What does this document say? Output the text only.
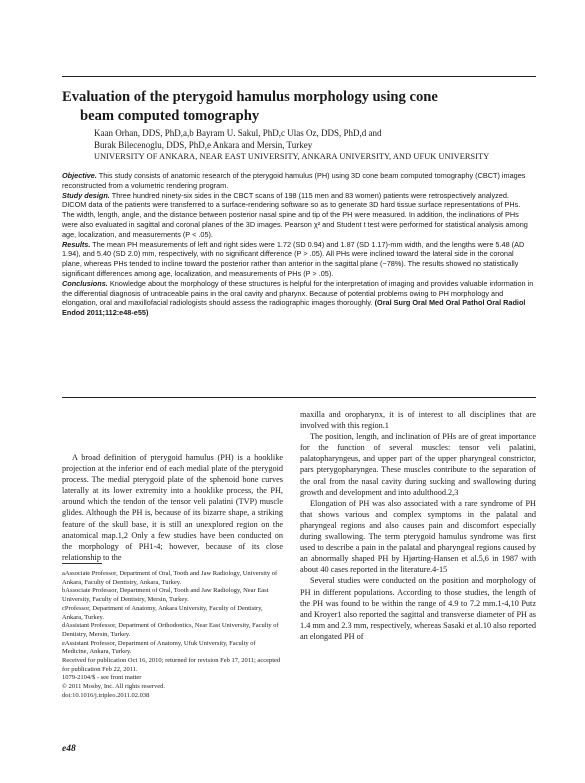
Evaluation of the pterygoid hamulus morphology using cone
beam computed tomography
Kaan Orhan, DDS, PhD,a,b Bayram U. Sakul, PhD,c Ulas Oz, DDS, PhD,d and
Burak Bilecenoglu, DDS, PhD,e Ankara and Mersin, Turkey
UNIVERSITY OF ANKARA, NEAR EAST UNIVERSITY, ANKARA UNIVERSITY, AND UFUK UNIVERSITY

Objective. This study consists of anatomic research of the pterygoid hamulus (PH) using 3D cone beam computed tomography (CBCT) images reconstructed from a volumetric rendering program.

Study design. Three hundred ninety-six sides in the CBCT scans of 198 (115 men and 83 women) patients were retrospectively analyzed. DICOM data of the patients were transferred to a surface-rendering software so as to generate 3D hard tissue surface representations of PHs. The width, length, angle, and the distance between posterior nasal spine and tip of the PH were measured. In addition, the inclinations of PHs were also evaluated in sagittal and coronal planes of the 3D images. Pearson χ² and Student t test were performed for statistical analysis among age, localization, and measurements (P < .05).

Results. The mean PH measurements of left and right sides were 1.72 (SD 0.94) and 1.87 (SD 1.17)-mm width, and the lengths were 5.48 (AD 1.94), and 5.40 (SD 2.0) mm, respectively, with no significant difference (P > .05). All PHs were inclined toward the lateral side in the coronal plane, whereas PHs tended to incline toward the posterior rather than anterior in the sagittal plane (~78%). The results showed no statistically significant differences among age, localization, and measurements of PHs (P > .05).

Conclusions. Knowledge about the morphology of these structures is helpful for the interpretation of imaging and provides valuable information in the differential diagnosis of untraceable pains in the oral cavity and pharynx. Because of potential problems owing to PH morphology and elongation, oral and maxillofacial radiologists should assess the radiographic images thoroughly. (Oral Surg Oral Med Oral Pathol Oral Radiol Endod 2011;112:e48-e55)

A broad definition of pterygoid hamulus (PH) is a hooklike projection at the inferior end of each medial plate of the pterygoid process. The medial pterygoid plate of the sphenoid bone curves laterally at its lower extremity into a hooklike process, the PH, around which the tendon of the tensor veli palatini (TVP) muscle glides. Although the PH is, because of its bizarre shape, a striking feature of the skull base, it is still an unexplored region on the anatomical map.1,2 Only a few studies have been conducted on the morphology of PH1-4; however, because of its close relationship to the

maxilla and oropharynx, it is of interest to all disciplines that are involved with this region.1

The position, length, and inclination of PHs are of great importance for the function of several muscles: tensor veli palatini, palatopharyngeus, and upper part of the upper pharyngeal constrictor, pars pterygopharyngea. These muscles contribute to the separation of the oral from the nasal cavity during sucking and swallowing during growth and development and into adulthood.2,3

Elongation of PH was also associated with a rare syndrome of PH that shows various and complex symptoms in the palatal and pharyngeal regions and also causes pain and discomfort especially during swallowing. The term pterygoid hamulus syndrome was first used to describe a pain in the palatal and pharyngeal regions caused by an abnormally shaped PH by Hjørting-Hansen et al.5,6 in 1987 with about 40 cases reported in the literature.4-15

Several studies were conducted on the position and morphology of PH in different populations. According to those studies, the length of the PH was found to be within the range of 4.9 to 7.2 mm.1-4,10 Putz and Kroyer1 also reported the sagittal and transverse diameter of PH as 1.4 mm and 2.3 mm, respectively, whereas Sasaki et al.10 also reported an elongated PH of

aAssociate Professor, Department of Oral, Tooth and Jaw Radiology, University of Ankara, Faculty of Dentistry, Ankara, Turkey.
bAssociate Professor, Department of Oral, Tooth and Jaw Radiology, Near East University, Faculty of Dentistry, Mersin, Turkey.
cProfessor, Department of Anatomy, Ankara University, Faculty of Dentistry, Ankara, Turkey.
dAssistant Professor, Department of Orthodontics, Near East University, Faculty of Dentistry, Mersin, Turkey.
eAssistant Professor, Department of Anatomy, Ufuk University, Faculty of Medicine, Ankara, Turkey.
Received for publication Oct 16, 2010; returned for revision Feb 17, 2011; accepted for publication Feb 22, 2011.
1079-2104/$ - see front matter
© 2011 Mosby, Inc. All rights reserved.
doi:10.1016/j.tripleo.2011.02.038
e48
